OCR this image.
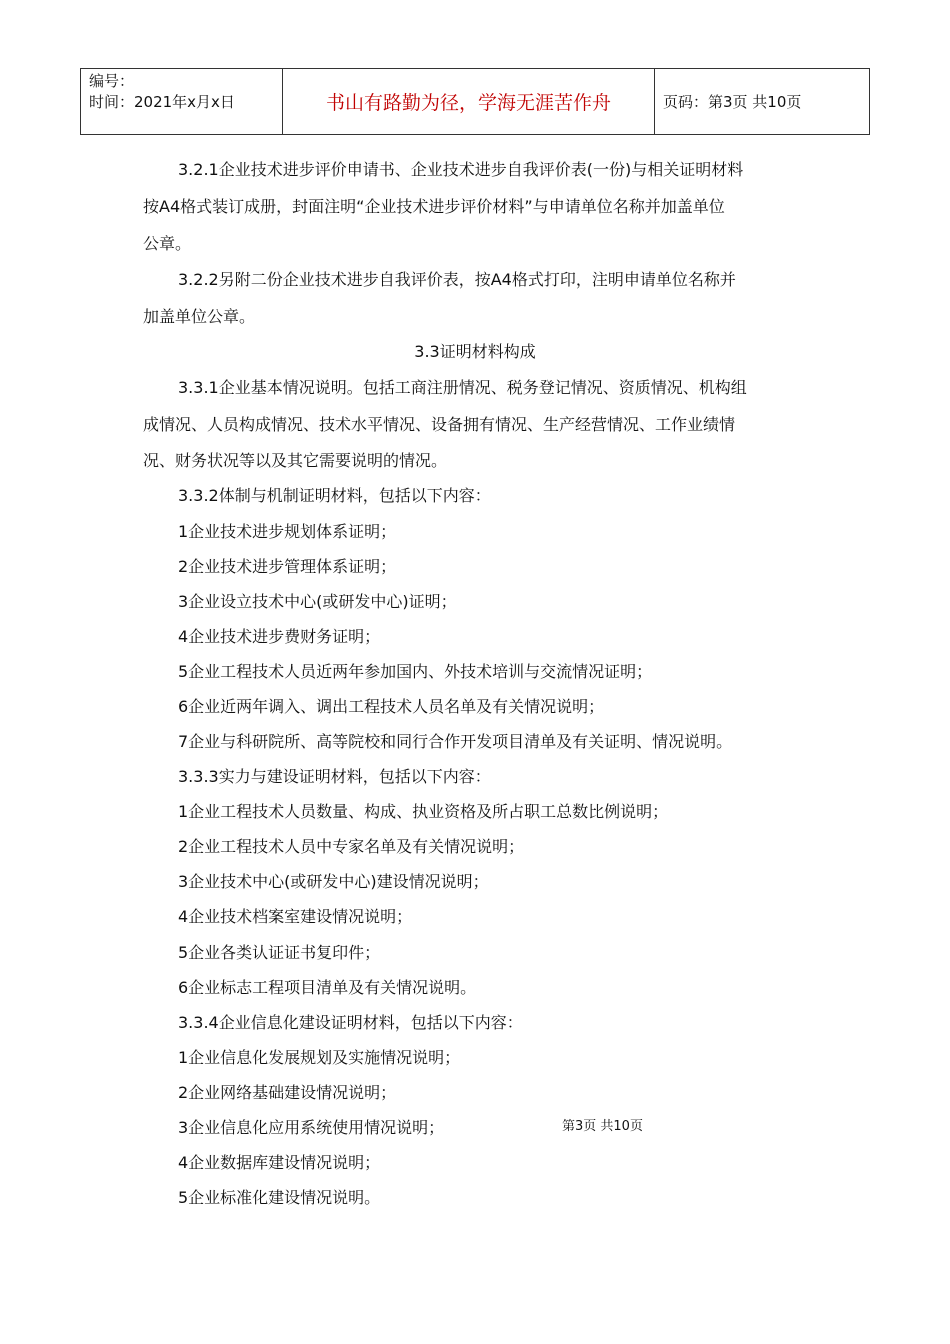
编号：
时间：2021年x月x日	书山有路勤为径，学海无涯苦作舟	页码：第3页 共10页
3.2.1企业技术进步评价申请书、企业技术进步自我评价表(一份)与相关证明材料
按A4格式装订成册，封面注明“企业技术进步评价材料”与申请单位名称并加盖单位
公章。
3.2.2另附二份企业技术进步自我评价表，按A4格式打印，注明申请单位名称并
加盖单位公章。
3.3证明材料构成
3.3.1企业基本情况说明。包括工商注册情况、税务登记情况、资质情况、机构组
成情况、人员构成情况、技术水平情况、设备拥有情况、生产经营情况、工作业绩情
况、财务状况等以及其它需要说明的情况。
3.3.2体制与机制证明材料，包括以下内容：
1企业技术进步规划体系证明；
2企业技术进步管理体系证明；
3企业设立技术中心(或研发中心)证明；
4企业技术进步费财务证明；
5企业工程技术人员近两年参加国内、外技术培训与交流情况证明；
6企业近两年调入、调出工程技术人员名单及有关情况说明；
7企业与科研院所、高等院校和同行合作开发项目清单及有关证明、情况说明。
3.3.3实力与建设证明材料，包括以下内容：
1企业工程技术人员数量、构成、执业资格及所占职工总数比例说明；
2企业工程技术人员中专家名单及有关情况说明；
3企业技术中心(或研发中心)建设情况说明；
4企业技术档案室建设情况说明；
5企业各类认证证书复印件；
6企业标志工程项目清单及有关情况说明。
3.3.4企业信息化建设证明材料，包括以下内容：
1企业信息化发展规划及实施情况说明；
2企业网络基础建设情况说明；
3企业信息化应用系统使用情况说明；
4企业数据库建设情况说明；
5企业标准化建设情况说明。
第3页 共10页
